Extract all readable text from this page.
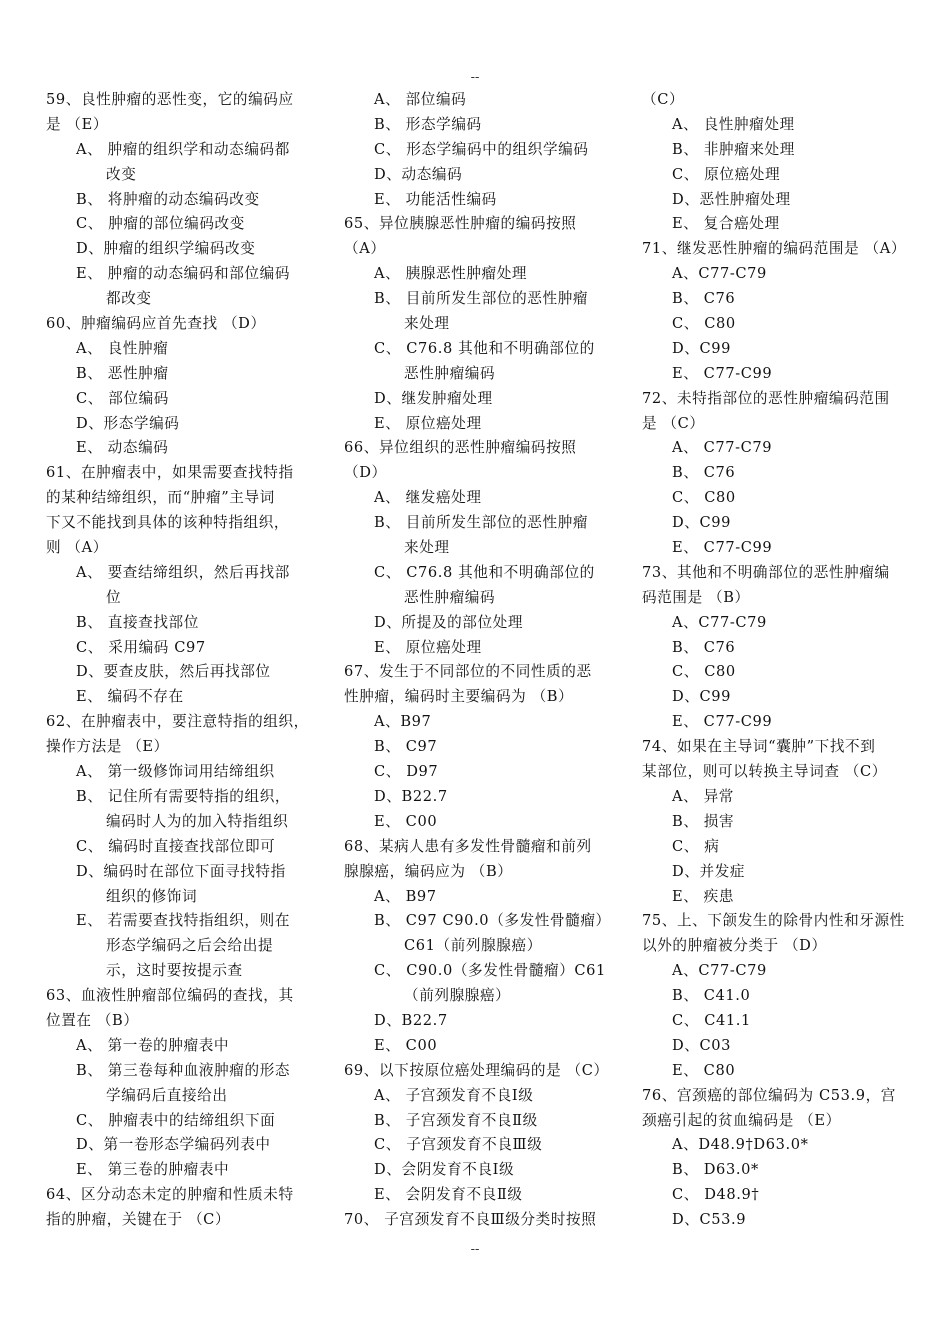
--
59、良性肿瘤的恶性变，它的编码应
是 （E）
A、 肿瘤的组织学和动态编码都
改变
B、 将肿瘤的动态编码改变
C、 肿瘤的部位编码改变
D、肿瘤的组织学编码改变
E、 肿瘤的动态编码和部位编码
都改变
60、肿瘤编码应首先查找 （D）
A、 良性肿瘤
B、 恶性肿瘤
C、 部位编码
D、形态学编码
E、 动态编码
61、在肿瘤表中，如果需要查找特指
的某种结缔组织，而“肿瘤”主导词
下又不能找到具体的该种特指组织，
则 （A）
A、 要查结缔组织，然后再找部
位
B、 直接查找部位
C、 采用编码 C97
D、要查皮肤，然后再找部位
E、 编码不存在
62、在肿瘤表中，要注意特指的组织，
操作方法是 （E）
A、 第一级修饰词用结缔组织
B、 记住所有需要特指的组织，
编码时人为的加入特指组织
C、 编码时直接查找部位即可
D、编码时在部位下面寻找特指
组织的修饰词
E、 若需要查找特指组织，则在
形态学编码之后会给出提
示，这时要按提示查
63、血液性肿瘤部位编码的查找，其
位置在 （B）
A、 第一卷的肿瘤表中
B、 第三卷每种血液肿瘤的形态
学编码后直接给出
C、 肿瘤表中的结缔组织下面
D、第一卷形态学编码列表中
E、 第三卷的肿瘤表中
64、区分动态未定的肿瘤和性质未特
指的肿瘤，关键在于 （C）
A、 部位编码
B、 形态学编码
C、 形态学编码中的组织学编码
D、动态编码
E、 功能活性编码
65、异位胰腺恶性肿瘤的编码按照
（A）
A、 胰腺恶性肿瘤处理
B、 目前所发生部位的恶性肿瘤
来处理
C、 C76.8 其他和不明确部位的
恶性肿瘤编码
D、继发肿瘤处理
E、 原位癌处理
66、异位组织的恶性肿瘤编码按照
（D）
A、 继发癌处理
B、 目前所发生部位的恶性肿瘤
来处理
C、 C76.8 其他和不明确部位的
恶性肿瘤编码
D、所提及的部位处理
E、 原位癌处理
67、发生于不同部位的不同性质的恶
性肿瘤，编码时主要编码为 （B）
A、B97
B、 C97
C、 D97
D、B22.7
E、 C00
68、某病人患有多发性骨髓瘤和前列
腺腺癌，编码应为 （B）
A、 B97
B、 C97 C90.0（多发性骨髓瘤）
C61（前列腺腺癌）
C、 C90.0（多发性骨髓瘤）C61
（前列腺腺癌）
D、B22.7
E、 C00
69、以下按原位癌处理编码的是 （C）
A、 子宫颈发育不良Ⅰ级
B、 子宫颈发育不良Ⅱ级
C、 子宫颈发育不良Ⅲ级
D、会阴发育不良Ⅰ级
E、 会阴发育不良Ⅱ级
70、 子宫颈发育不良Ⅲ级分类时按照
（C）
A、 良性肿瘤处理
B、 非肿瘤来处理
C、 原位癌处理
D、恶性肿瘤处理
E、 复合癌处理
71、继发恶性肿瘤的编码范围是 （A）
A、C77-C79
B、 C76
C、 C80
D、C99
E、 C77-C99
72、未特指部位的恶性肿瘤编码范围
是 （C）
A、 C77-C79
B、 C76
C、 C80
D、C99
E、 C77-C99
73、其他和不明确部位的恶性肿瘤编
码范围是 （B）
A、C77-C79
B、 C76
C、 C80
D、C99
E、 C77-C99
74、如果在主导词“囊肿”下找不到
某部位，则可以转换主导词查 （C）
A、 异常
B、 损害
C、 病
D、并发症
E、 疾患
75、上、下颌发生的除骨内性和牙源性
以外的肿瘤被分类于 （D）
A、C77-C79
B、 C41.0
C、 C41.1
D、C03
E、 C80
76、宫颈癌的部位编码为 C53.9，宫
颈癌引起的贫血编码是 （E）
A、D48.9†D63.0*
B、 D63.0*
C、 D48.9†
D、C53.9
--
